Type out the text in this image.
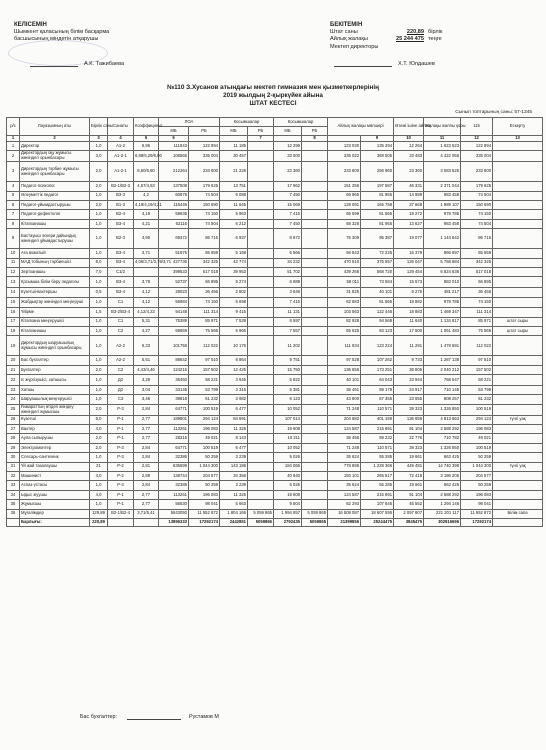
КЕЛІСЕМІН
Шымкент қаласының білім басқарма
басшысының міндетін атқарушы
А.К. Тажибаева
БЕКІТЕМІН
Штат саны	220,89 бірлік
Айлық жалақы	25 244 475 теңге
Мектеп директоры
Х.Т. Юлдашев
№110 З.Хусанов атындағы мектеп гимназия мен қызметкерлерінің
2019 жылдың 2-қыркүйек айына
ШТАТ КЕСТЕСІ
Сынып топтарының саны: 57-1345
р/с	Лауазымның аты	Бірлік саны	Санаты	Коэффициент	ЛОА		Косымшалар		Косымшалар		Айлық жалақы мөлшері		Өтемі ішіне айлық	Жалақы жалпы қоры	115	Ескерту
					МБ	РБ	МБ	РБ	МБ	РБ						
1	2	3	4	5	6			7		8		9	10	11	12	13
1	Директор	1,0	А1-2	6,95	111843	122 994	11 185		12 299		123 030	135 294	12 264	1 623 523	122 994	
2	Директордың оқу жұмысы жөніндегі орынбасары	3,0	А1-2-1	6,88/6,29/6,00	106565	335 004	30 457		33 500		335 022	368 505	33 483	4 422 056	335 004	
3	Директордың тәрбие жұмысы жөніндегі орынбасары	2,0	А1-2-1	6,60/6,60	212264	233 600	21 226		23 360		233 600	256 960	23 360	3 083 525	233 600	
4	Педагог-психолог	2,0	В2-1/В2-3	4,57/4,53	137508	179 625	13 751		17 962		151 256	197 587	46 331	2 371 044	179 625	
5	Әлеуметтік педагог	1,0	В3-3	4,2	60878	74 504	6 088		7 450		66 965	81 955	14 989	983 458	74 504	
6	Педагог-ұйымдастырушы	2,0	В1-3	4,19/4,19/4,21	116446	150 690	11 645		15 069		128 091	165 759	37 668	1 989 107	150 690	
7	Педагог-дефектолог	1,0	В2-4	4,19	59636	74 150	5 963		7 415		65 599	81 565	19 272	978 786	74 150	
8	Кітапханашы	1,0	В3-4	4,21	62116	74 504	6 212		7 450		68 328	81 955	13 627	983 458	74 504	
9	Бастауыш әскери дайындық жөніндегі ұйымдастырушы	1,0	В2-3	4,90	69372	86 715	6 937		8 672		76 309	95 387	19 077	1 144 642	86 715	
10	Аға вожатый	1,0	В3-4	3,71	51675	65 659	5 168		6 566		56 843	72 225	15 379	866 697	65 659	
11	МАД тобының тәрбиешісі	8,0	В3-4	4,06/3,71/3,78/3,71	427736	342 325	42 774		34 232		470 510	376 557	126 047	5 758 684	342 325	
12	Зертханашы	7,0	С1/2		399533	517 018	39 953		51 702		439 266	568 720	129 454	6 824 636	517 018	
13	Қосымша білім беру педагогы	1,0	В3-4	3,78	52737	66 895	5 274		6 689		58 011	73 584	15 573	883 010	66 895	
14	Күзетші-вахтершы	0,5	В3-4	4,12	28023	36 456	2 802		3 646		31 825	40 101	8 276	481 217	36 456	
15	Жабдықтау жөніндегі меңгеруші	1,0	С1	4,12	56984	74 150	5 698		7 415		62 683	81 565	18 882	978 786	74 150	
16	Үйірме	1,5	В3-2/В3-4	4,12/4,23	94148	111 314	9 415		11 131		103 563	122 446	18 883	1 469 347	111 314	
17	Кітапхана меңгерушісі	1,0	С1	5,31	75389	85 971	7 539		8 597		82 928	94 568	11 640	1 134 817	85 971	штат сыры
18	Кітапханашы	1,0	С2	4,27	59659	75 566	5 966		7 557		65 625	83 123	17 500	1 061 483	75 566	штат сыры
19	Директордың шаруашылық жұмысы жөніндегі орынбасары	1,0	А2-2	6,33	101758	112 022	10 176		11 202		111 934	123 224	11 291	1 478 691	112 022	
20	Бас бухгалтер	1,0	А2-2	5,51	88642	97 510	8 864		9 751		97 528	107 262	9 733	1 287 138	97 510	
21	Бухгалтер	2,0	С2	4,43/4,46	124215	157 502	12 425		15 750		136 656	173 251	36 605	2 040 212	157 502	
22	Іс жүргізушісі, хатшысы	1,0	Д2	3,29	36450	58 221	3 645		5 822		40 101	64 043	23 944	768 547	58 221	
23	Хатшы	1,0	Д2	3,04	33145	53 799	3 315		5 381		36 461	59 179	24 917	710 145	53 799	
24	Шаруашылық меңгерушісі	1,0	С3	3,46	39818	61 232	3 982		6 123		43 800	67 355	23 555	808 257	61 232	
25	Ғимараттың өтідегі жөндеу жөніндегі жұмысшы	2,0	Р-3	2,84	64771	100 519	6 477		10 052		71 248	110 571	39 323	1 326 850	100 519	
26	Күзетші	6,0	Р-1	2,77	189801	294 124	84 591		107 014		204 682	401 159	136 658	4 813 663	294 124	түнгі уақ
27	Вахтер	4,0	Р-1	2,77	113261	196 083	11 326		19 608		124 587	215 691	91 104	2 588 292	196 083	
28	Аула сыпырушы	2,0	Р-1	2,77	28315	49 021	8 143		10 211		36 456	59 232	22 776	710 782	49 021	
29	Электромонтер	2,0	Р-3	2,84	64771	100 519	6 477		10 052		71 248	110 571	39 323	1 326 850	100 519	
30	Слесарь-сантехник	1,0	Р-3	2,84	32386	50 259	3 239		5 026		35 624	55 285	19 661	663 425	50 259	
31	Үй жай тазалаушы	21	Р-2	2,81	635699	1 044 300	143 186		184 066		778 886	1 228 366	449 481	14 740 398	1 044 300	түнгі уақ
32	Машинист	4,0	Р-2	2,89	138744	204 577	34 356		40 940		193 101	265 517	72 416	3 186 205	204 577	
33	Аспаз-үстасы	1,0	Р-3	2,84	32386	50 259	3 239		5 026		35 624	55 285	19 661	663 425	50 259	
34	Ыдыс жуушы	4,0	Р-1	2,77	113261	196 083	11 326		19 608		124 587	215 691	91 104	2 588 292	196 083	
35	Жұмысшы	1,0	Р-1	2,77	56630	98 041	5 663		9 804		62 293	107 845	45 552	1 294 146	98 041	
36	Мұғалімдер	129,89	В2-1/В2-4	3,71/5,41	5643050	11 552 872	1 804 166	5 059 865	1 994 857	5 059 865	16 508 087	18 607 595	2 097 607	221 201 117	11 552 872	Білім сапа
	Барлығы:	220,89			13896333	17292174	2442851	5059865	2792435	5059865	21399856	25244475	3845475	302916696	17292174	
Бас бухгалтер:	Рустамов М
